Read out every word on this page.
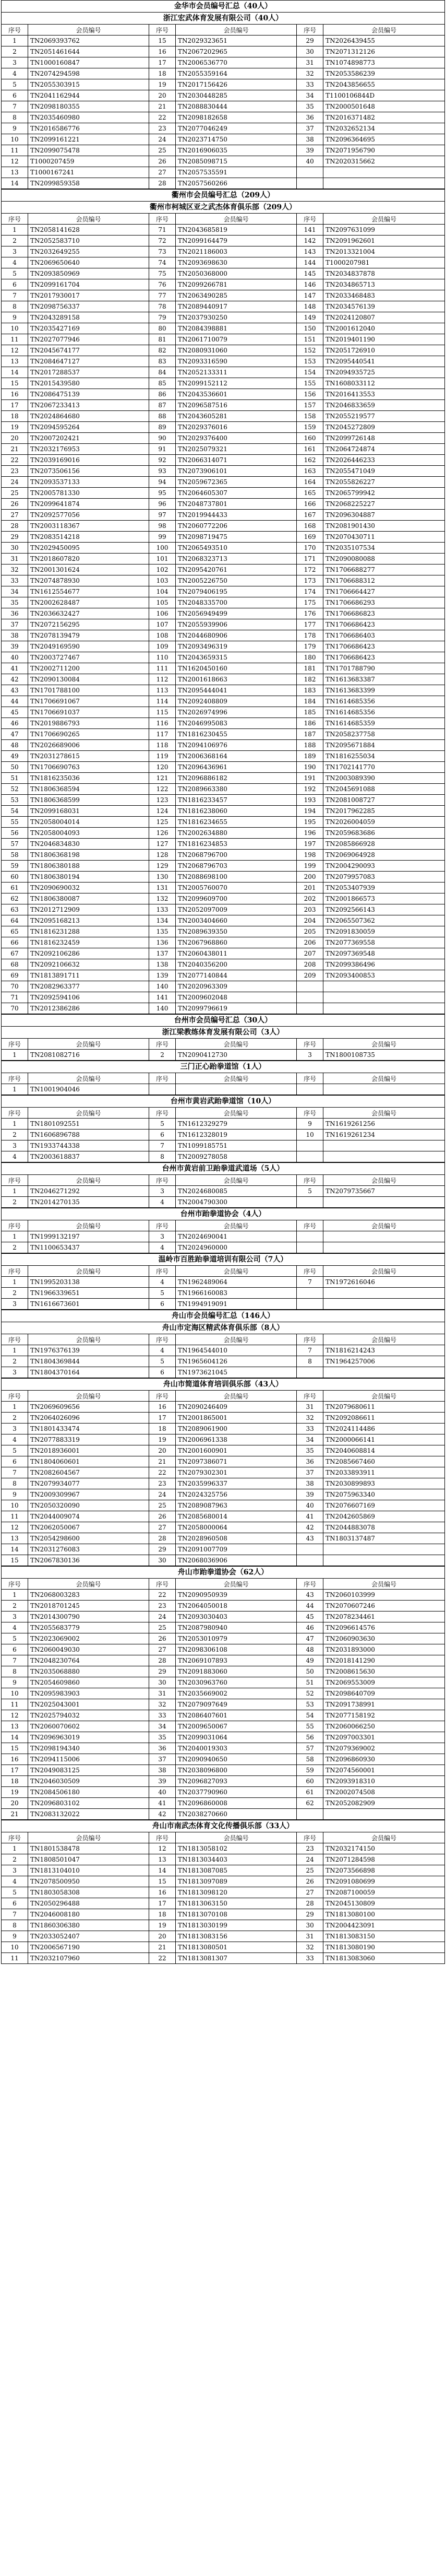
金华市会员编号汇总（40人）
浙江宏武体育发展有限公司（40人）
序号	会员编号	序号	会员编号	序号	会员编号
1	TN2069393762	15	TN2029323651	29	TN2026439455
2	TN2051461644	16	TN2067202965	30	TN2071312126
3	TN1000160847	17	TN2006536770	31	TN1074898773
4	TN2074294598	18	TN2055359164	32	TN2053586239
5	TN2055303915	19	TN2017156426	33	TN2043856655
6	TN2041162944	20	TN2030448285	34	T1100106844D
7	TN2098180355	21	TN2088830444	35	TN2000501648
8	TN2035460980	22	TN2098182658	36	TN2016371482
9	TN2016586776	23	TN2077046249	37	TN2032652134
10	TN2099161221	24	TN2023714750	38	TN2096364695
11	TN2099075478	25	TN2016906035	39	TN2071956790
12	T1000207459	26	TN2085098715	40	TN2020315662
13	T1000167241	27	TN2057535591		
14	TN2099859358	28	TN2057560266		
衢州市会员编号汇总（209人）
衢州市柯城区亚之武杰体育俱乐部（209人）
序号	会员编号	序号	会员编号	序号	会员编号
1	TN2058141628	71	TN2043685819	141	TN2097631099
2	TN2052583710	72	TN2099164479	142	TN2091962601
3	TN2032649255	73	TN2021186003	143	TN2013321004
4	TN2069650640	74	TN2093698630	144	T1000207981
5	TN2093850969	75	TN2050368000	145	TN2034837878
6	TN2099161704	76	TN2099266781	146	TN2034865713
7	TN2017930017	77	TN2063490285	147	TN2033468483
8	TN2098756337	78	TN2089440917	148	TN2034576139
9	TN2043289158	79	TN2037930250	149	TN2024120807
10	TN2035427169	80	TN2084398881	150	TN2001612040
11	TN2027077946	81	TN2061710079	151	TN2019401190
12	TN2045674177	82	TN2080931060	152	TN2051726910
13	TN2084647127	83	TN2093316590	153	TN2095440541
14	TN2017288537	84	TN2052133311	154	TN2094935725
15	TN2015439580	85	TN2099152112	155	TN1608033112
16	TN2086475139	86	TN2043536601	156	TN2016413553
17	TN2067233413	87	TN2096587516	157	TN2046833659
18	TN2024864680	88	TN2043605281	158	TN2055219577
19	TN2094595264	89	TN2029376016	159	TN2045272809
20	TN2007202421	90	TN2029376400	160	TN2099726148
21	TN2032176953	91	TN2025079321	161	TN2064724874
22	TN2039169016	92	TN2066314071	162	TN2026446233
23	TN2073506156	93	TN2073906101	163	TN2055471049
24	TN2093537133	94	TN2059672365	164	TN2055826227
25	TN2005781330	95	TN2064605307	165	TN2065799942
26	TN2099641874	96	TN2048737801	166	TN2068225227
27	TN2092577056	97	TN2019944433	167	TN2096304887
28	TN2003118367	98	TN2060772206	168	TN2081901430
29	TN2083514218	99	TN2098719475	169	TN2070430711
30	TN2029450095	100	TN2065493510	170	TN2035107534
31	TN2018607820	101	TN2068323713	171	TN2090080088
32	TN2001301624	102	TN2095420761	172	TN1706688277
33	TN2074878930	103	TN2005226750	173	TN1706688312
34	TN1612554677	104	TN2079406195	174	TN1706664427
35	TN2002628487	105	TN2048335700	175	TN1706686293
36	TN2036632427	106	TN2056949499	176	TN1706686823
37	TN2072156295	107	TN2055939906	177	TN1706686423
38	TN2078139479	108	TN2044680906	178	TN1706686403
39	TN2049169590	109	TN2093496319	179	TN1706686423
40	TN2003727467	110	TN2043659315	180	TN1706686423
41	TN2002711200	111	TN1620450160	181	TN1701788790
42	TN2090130084	112	TN2001618663	182	TN1613683387
43	TN1701788100	113	TN2095444041	183	TN1613683399
44	TN1706691067	114	TN2092408809	184	TN1614685356
45	TN1706691037	115	TN2026974996	185	TN1614685356
46	TN2019886793	116	TN2046995083	186	TN1614685359
47	TN1706690265	117	TN1816230455	187	TN2058237758
48	TN2026689006	118	TN2094106976	188	TN2095671884
49	TN2031278615	119	TN2006368164	189	TN1816255034
50	TN1706690763	120	TN2096436961	190	TN1702141770
51	TN1816235036	121	TN2096886182	191	TN2003089390
52	TN1806368594	122	TN2089663380	192	TN2045691088
53	TN1806368599	123	TN1816233457	193	TN2081008727
54	TN2099168031	124	TN1816238060	194	TN2017962285
55	TN2058004014	125	TN1816234655	195	TN2026004059
56	TN2058004093	126	TN2002634880	196	TN2059683686
57	TN2046834830	127	TN1816234853	197	TN2085866928
58	TN1806368198	128	TN2068796700	198	TN2069064928
59	TN1806380188	129	TN2068796703	199	TN2004290093
60	TN1806380194	130	TN2088698100	200	TN2079957083
61	TN2090690032	131	TN2005760070	201	TN2053407939
62	TN1806380087	132	TN2099609700	202	TN2001866573
63	TN2012712909	133	TN2052097009	203	TN2092566143
64	TN2095168213	134	TN2003404660	204	TN2065507362
65	TN1816231288	135	TN2089639350	205	TN2091830059
66	TN1816232459	136	TN2067968860	206	TN2077369558
67	TN2092106286	137	TN2060438011	207	TN2097369548
68	TN2092106632	138	TN2040356200	208	TN2099386496
69	TN1813891711	139	TN2077140844	209	TN2093400853
70	TN2082963377	140	TN2020963309		
71	TN2092594106	141	TN2009602048		
70	TN2012386286	140	TN2099796619		
台州市会员编号汇总（30人）
浙江梁教练体育发展有限公司（3人）
序号	会员编号	序号	会员编号	序号	会员编号
1	TN2081082716	2	TN2090412730	3	TN1800108735
三门正心跆拳道馆（1人）
序号	会员编号	序号	会员编号	序号	会员编号
1	TN1001904046				
台州市黄岩武跆拳道馆（10人）
序号	会员编号	序号	会员编号	序号	会员编号
1	TN1801092551	5	TN1612329279	9	TN1619261256
2	TN1606896788	6	TN1612328019	10	TN1619261234
3	TN1933744338	7	TN1099185751		
4	TN2003618837	8	TN2009278058		
台州市黄岩前卫跆拳道武道场（5人）
序号	会员编号	序号	会员编号	序号	会员编号
1	TN2046271292	3	TN2024680085	5	TN2079735667
2	TN2014270135	4	TN2004790300		
台州市跆拳道协会（4人）
序号	会员编号	序号	会员编号	序号	会员编号
1	TN1999132197	3	TN2024690041		
2	TN1100653437	4	TN2024960000		
温岭市百胜跆拳道培训有限公司（7人）
序号	会员编号	序号	会员编号	序号	会员编号
1	TN1995203138	4	TN1962489064	7	TN1972616046
2	TN1966339651	5	TN1966160083		
3	TN1616673601	6	TN1994919091		
舟山市会员编号汇总（146人）
舟山市定海区精武体育俱乐部（8人）
序号	会员编号	序号	会员编号	序号	会员编号
1	TN1976376139	4	TN1964544010	7	TN1816214243
2	TN1804369844	5	TN1965604126	8	TN1964257006
3	TN1804370164	6	TN1973621045		
舟山市简道体育培训俱乐部（43人）
序号	会员编号	序号	会员编号	序号	会员编号
1	TN2069609656	16	TN2090246409	31	TN2079680611
2	TN2064026096	17	TN2001865001	32	TN2092086611
3	TN1801433474	18	TN2089061900	33	TN2024114486
4	TN2077883319	19	TN2006961338	34	TN2000066141
5	TN2018936001	20	TN2001600901	35	TN2040608814
6	TN1804060601	21	TN2097386071	36	TN2085667460
7	TN2082604567	22	TN2079302301	37	TN2033893911
8	TN2079934077	23	TN2035996337	38	TN2030899893
9	TN2009309967	24	TN2024325756	39	TN2075963340
10	TN2050320090	25	TN2089087963	40	TN2076607169
11	TN2044009074	26	TN2085680014	41	TN2042605869
12	TN2062050067	27	TN2058000064	42	TN2044883078
13	TN2054298600	28	TN2028960508	43	TN1803137487
14	TN2031276083	29	TN2091007709		
15	TN2067830136	30	TN2068036906		
舟山市跆拳道协会（62人）
序号	会员编号	序号	会员编号	序号	会员编号
1	TN2068003283	22	TN2090950939	43	TN2060103999
2	TN2018701245	23	TN2064050018	44	TN2070607246
3	TN2014300790	24	TN2093030403	45	TN2078234461
4	TN2055683779	25	TN2087980940	46	TN2096614576
5	TN2023069002	26	TN2053010979	47	TN2060903630
6	TN2060049030	27	TN2098306108	48	TN2031893000
7	TN2048230764	28	TN2069107893	49	TN2018141290
8	TN2035068880	29	TN2091883060	50	TN2008615630
9	TN2054609860	30	TN2030963760	51	TN2069553009
10	TN2095983903	31	TN2035669002	52	TN2098640709
11	TN2025043001	32	TN2079097649	53	TN2091738991
12	TN2025794032	33	TN2086407601	54	TN2077158192
13	TN2060070602	34	TN2009650067	55	TN2060066250
14	TN2096963019	35	TN2099031064	56	TN2097003301
15	TN2098194340	36	TN2040019303	57	TN2079369002
16	TN2094115006	37	TN2090940650	58	TN2096860930
17	TN2049083125	38	TN2038096800	59	TN2074560001
18	TN2046030509	39	TN2096827093	60	TN2093918310
19	TN2084506180	40	TN2037790960	61	TN2002074508
20	TN2096803102	41	TN2096860008	62	TN2052082909
21	TN2083132022	42	TN2038270660		
舟山市南武杰体育文化传播俱乐部（33人）
序号	会员编号	序号	会员编号	序号	会员编号
1	TN1801538478	12	TN1813058102	23	TN2032174150
2	TN1808501047	13	TN1813034403	24	TN2071284598
3	TN1813104010	14	TN1813087085	25	TN2073566898
4	TN2078500950	15	TN1813097089	26	TN2091080699
5	TN1803058308	16	TN1813098120	27	TN2087100059
6	TN2050296488	17	TN1813063150	28	TN2045130809
7	TN2046008180	18	TN1813070108	29	TN1813080100
8	TN1860306380	19	TN1813030199	30	TN2004423091
9	TN2033052407	20	TN1813083156	31	TN1813083150
10	TN2006567190	21	TN1813080501	32	TN1813080190
11	TN2032107960	22	TN1813081307	33	TN1813083060
